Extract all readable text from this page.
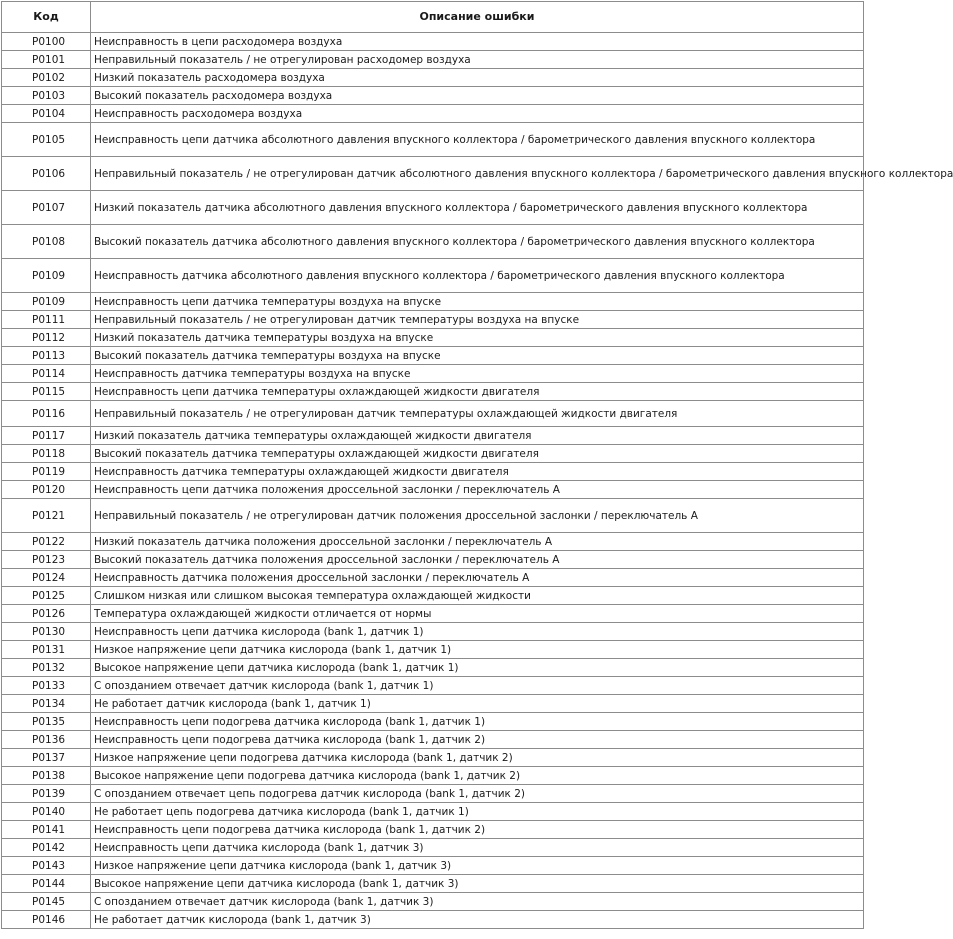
Код	Описание ошибки
P0100	Неисправность в цепи расходомера воздуха
P0101	Неправильный показатель / не отрегулирован расходомер воздуха
P0102	Низкий показатель расходомера воздуха
P0103	Высокий показатель расходомера воздуха
P0104	Неисправность расходомера воздуха
P0105	Неисправность цепи датчика абсолютного давления впускного коллектора / барометрического давления впускного коллектора
P0106	Неправильный показатель / не отрегулирован датчик абсолютного давления впускного коллектора / барометрического давления впускного коллектора
P0107	Низкий показатель датчика абсолютного давления впускного коллектора / барометрического давления впускного коллектора
P0108	Высокий показатель датчика абсолютного давления впускного коллектора / барометрического давления впускного коллектора
P0109	Неисправность датчика абсолютного давления впускного коллектора / барометрического давления впускного коллектора
P0109	Неисправность цепи датчика температуры воздуха на впуске
P0111	Неправильный показатель / не отрегулирован датчик температуры воздуха на впуске
P0112	Низкий показатель датчика температуры воздуха на впуске
P0113	Высокий показатель датчика температуры воздуха на впуске
P0114	Неисправность датчика температуры воздуха на впуске
P0115	Неисправность цепи датчика температуры охлаждающей жидкости двигателя
P0116	Неправильный показатель / не отрегулирован датчик температуры охлаждающей жидкости двигателя
P0117	Низкий показатель датчика температуры охлаждающей жидкости двигателя
P0118	Высокий показатель датчика температуры охлаждающей жидкости двигателя
P0119	Неисправность датчика температуры охлаждающей жидкости двигателя
P0120	Неисправность цепи датчика положения дроссельной заслонки / переключатель А
P0121	Неправильный показатель / не отрегулирован датчик положения дроссельной заслонки / переключатель А
P0122	Низкий показатель датчика положения дроссельной заслонки / переключатель А
P0123	Высокий показатель датчика положения дроссельной заслонки / переключатель А
P0124	Неисправность датчика положения дроссельной заслонки / переключатель А
P0125	Слишком низкая или слишком высокая температура охлаждающей жидкости
P0126	Температура охлаждающей жидкости отличается от нормы
P0130	Неисправность цепи датчика кислорода (bank 1, датчик 1)
P0131	Низкое напряжение цепи датчика кислорода (bank 1, датчик 1)
P0132	Высокое напряжение цепи датчика кислорода (bank 1, датчик 1)
P0133	С опозданием отвечает датчик кислорода (bank 1, датчик 1)
P0134	Не работает датчик кислорода (bank 1, датчик 1)
P0135	Неисправность цепи подогрева датчика кислорода (bank 1, датчик 1)
P0136	Неисправность цепи подогрева датчика кислорода (bank 1, датчик 2)
P0137	Низкое напряжение цепи подогрева датчика кислорода (bank 1, датчик 2)
P0138	Высокое напряжение цепи подогрева датчика кислорода (bank 1, датчик 2)
P0139	С опозданием отвечает цепь подогрева датчик кислорода (bank 1, датчик 2)
P0140	Не работает цепь подогрева датчика кислорода (bank 1, датчик 1)
P0141	Неисправность цепи подогрева датчика кислорода (bank 1, датчик 2)
P0142	Неисправность цепи датчика кислорода (bank 1, датчик 3)
P0143	Низкое напряжение цепи датчика кислорода (bank 1, датчик 3)
P0144	Высокое напряжение цепи датчика кислорода (bank 1, датчик 3)
P0145	С опозданием отвечает датчик кислорода (bank 1, датчик 3)
P0146	Не работает датчик кислорода (bank 1, датчик 3)
